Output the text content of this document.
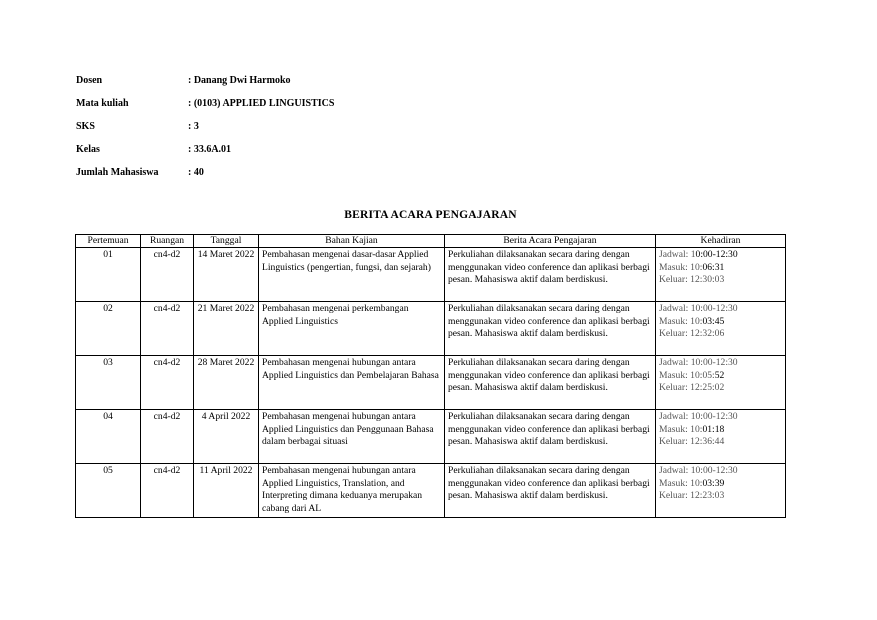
Dosen	: Danang Dwi Harmoko
Mata kuliah	: (0103) APPLIED LINGUISTICS
SKS	: 3
Kelas	: 33.6A.01
Jumlah Mahasiswa	: 40
BERITA ACARA PENGAJARAN
Pertemuan	Ruangan	Tanggal	Bahan Kajian	Berita Acara Pengajaran	Kehadiran
01	cn4-d2	14 Maret 2022	Pembahasan mengenai dasar-dasar Applied Linguistics (pengertian, fungsi, dan sejarah)	Perkuliahan dilaksanakan secara daring dengan menggunakan video conference dan aplikasi berbagi pesan. Mahasiswa aktif dalam berdiskusi.	Jadwal: 10:00-12:30
Masuk: 10:06:31
Keluar: 12:30:03

02	cn4-d2	21 Maret 2022	Pembahasan mengenai perkembangan Applied Linguistics	Perkuliahan dilaksanakan secara daring dengan menggunakan video conference dan aplikasi berbagi pesan. Mahasiswa aktif dalam berdiskusi.	Jadwal: 10:00-12:30
Masuk: 10:03:45
Keluar: 12:32:06

03	cn4-d2	28 Maret 2022	Pembahasan mengenai hubungan antara Applied Linguistics dan Pembelajaran Bahasa	Perkuliahan dilaksanakan secara daring dengan menggunakan video conference dan aplikasi berbagi pesan. Mahasiswa aktif dalam berdiskusi.	Jadwal: 10:00-12:30
Masuk: 10:05:52
Keluar: 12:25:02

04	cn4-d2	4 April 2022	Pembahasan mengenai hubungan antara Applied Linguistics dan Penggunaan Bahasa dalam berbagai situasi	Perkuliahan dilaksanakan secara daring dengan menggunakan video conference dan aplikasi berbagi pesan. Mahasiswa aktif dalam berdiskusi.	Jadwal: 10:00-12:30
Masuk: 10:01:18
Keluar: 12:36:44

05	cn4-d2	11 April 2022	Pembahasan mengenai hubungan antara Applied Linguistics, Translation, and Interpreting dimana keduanya merupakan cabang dari AL	Perkuliahan dilaksanakan secara daring dengan menggunakan video conference dan aplikasi berbagi pesan. Mahasiswa aktif dalam berdiskusi.	Jadwal: 10:00-12:30
Masuk: 10:03:39
Keluar: 12:23:03
